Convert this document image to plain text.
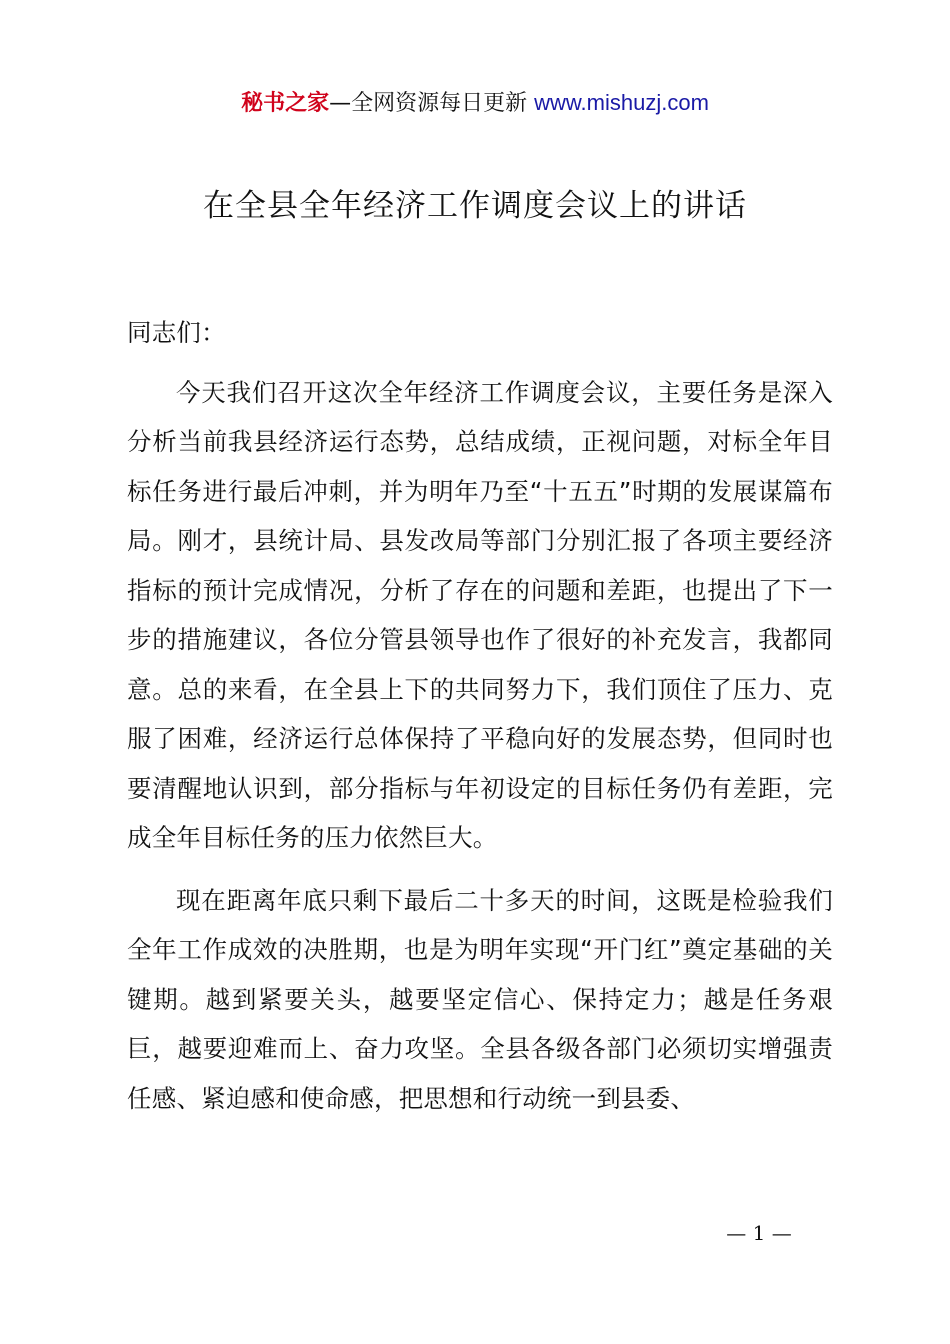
秘书之家—全网资源每日更新 www.mishuzj.com
在全县全年经济工作调度会议上的讲话

同志们：

今天我们召开这次全年经济工作调度会议，主要任务是深入分析当前我县经济运行态势，总结成绩，正视问题，对标全年目标任务进行最后冲刺，并为明年乃至“十五五”时期的发展谋篇布局。刚才，县统计局、县发改局等部门分别汇报了各项主要经济指标的预计完成情况，分析了存在的问题和差距，也提出了下一步的措施建议，各位分管县领导也作了很好的补充发言，我都同意。总的来看，在全县上下的共同努力下，我们顶住了压力、克服了困难，经济运行总体保持了平稳向好的发展态势，但同时也要清醒地认识到，部分指标与年初设定的目标任务仍有差距，完成全年目标任务的压力依然巨大。

现在距离年底只剩下最后二十多天的时间，这既是检验我们全年工作成效的决胜期，也是为明年实现“开门红”奠定基础的关键期。越到紧要关头，越要坚定信心、保持定力；越是任务艰巨，越要迎难而上、奋力攻坚。全县各级各部门必须切实增强责任感、紧迫感和使命感，把思想和行动统一到县委、

— 1 —
